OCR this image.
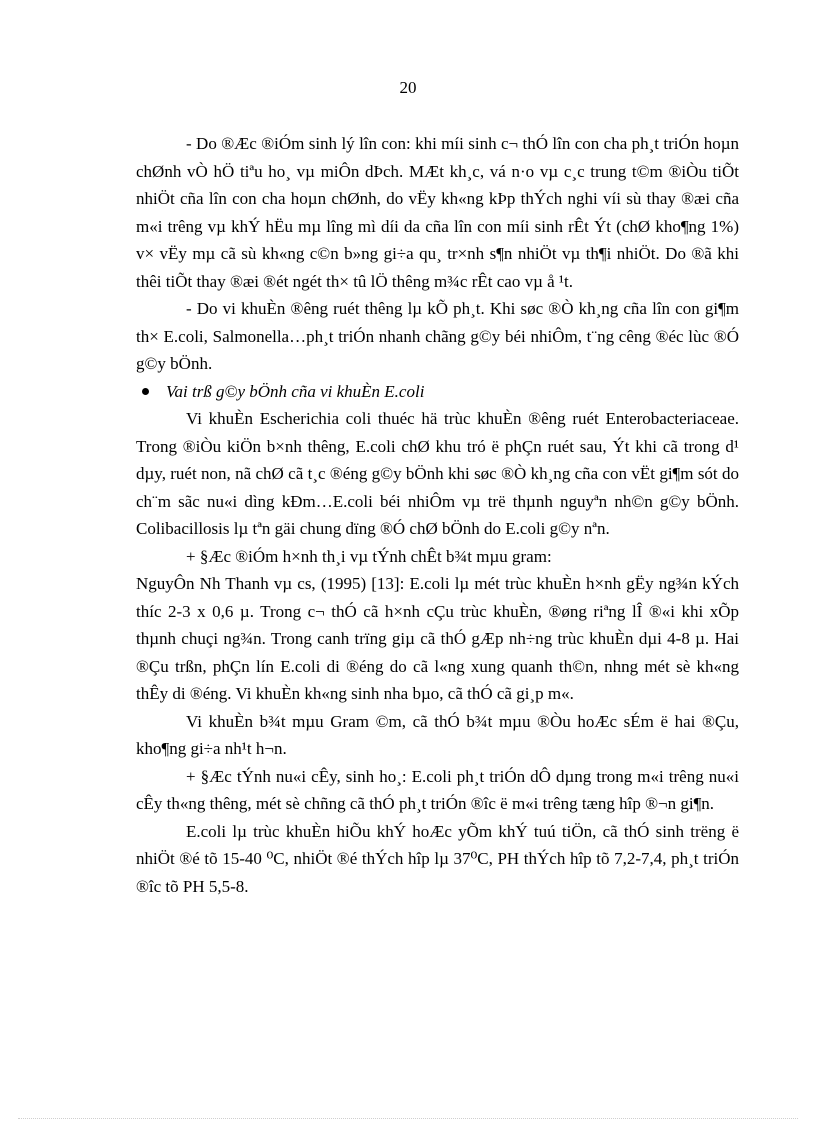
20

- Do ®Æc ®iÓm sinh lý lîn con: khi míi sinh c¬ thÓ lîn con cha ph¸t triÓn hoµn chØnh vÒ hÖ tiªu ho¸ vµ miÔn dÞch. MÆt kh¸c, vá n·o vµ c¸c trung t©m ®iÒu tiÕt nhiÖt cña lîn con cha hoµn chØnh, do vËy kh«ng kÞp thÝch nghi víi sù thay ®æi cña m«i trêng vµ khÝ hËu mµ lîng mì díi da cña lîn con míi sinh rÊt Ýt (chØ kho¶ng 1%) v× vËy mµ cã sù kh«ng c©n b»ng gi÷a qu¸ tr×nh s¶n nhiÖt vµ th¶i nhiÖt. Do ®ã khi thêi tiÕt thay ®æi ®ét ngét th× tû lÖ thêng m¾c rÊt cao vµ å ¹t.

- Do vi khuÈn ®êng ruét thêng lµ kÕ ph¸t. Khi søc ®Ò kh¸ng cña lîn con gi¶m th× E.coli, Salmonella…ph¸t triÓn nhanh chãng g©y béi nhiÔm, t¨ng cêng ®éc lùc ®Ó g©y bÖnh.

Vai trß g©y bÖnh cña vi khuÈn E.coli

Vi khuÈn Escherichia coli thuéc hä trùc khuÈn ®êng ruét Enterobacteriaceae. Trong ®iÒu kiÖn b×nh thêng, E.coli chØ khu tró ë phÇn ruét sau, Ýt khi cã trong d¹ dµy, ruét non, nã chØ cã t¸c ®éng g©y bÖnh khi søc ®Ò kh¸ng cña con vËt gi¶m sót do ch¨m sãc nu«i dìng kÐm…E.coli béi nhiÔm vµ trë thµnh nguyªn nh©n g©y bÖnh. Colibacillosis lµ tªn gäi chung dïng ®Ó chØ bÖnh do E.coli g©y nªn.

+ §Æc ®iÓm h×nh th¸i vµ tÝnh chÊt b¾t mµu gram:

NguyÔn Nh Thanh vµ cs, (1995) [13]: E.coli lµ mét trùc khuÈn h×nh gËy ng¾n kÝch thíc 2-3 x 0,6 µ. Trong c¬ thÓ cã h×nh cÇu trùc khuÈn, ®øng riªng lÎ ®«i khi xÕp thµnh chuçi ng¾n. Trong canh trïng giµ cã thÓ gÆp nh÷ng trùc khuÈn dµi 4-8 µ. Hai ®Çu trßn, phÇn lín E.coli di ®éng do cã l«ng xung quanh th©n, nhng mét sè kh«ng thÊy di ®éng. Vi khuÈn kh«ng sinh nha bµo, cã thÓ cã gi¸p m«.

Vi khuÈn b¾t mµu Gram ©m, cã thÓ b¾t mµu ®Òu hoÆc sÉm ë hai ®Çu, kho¶ng gi÷a nh¹t h¬n.

+ §Æc tÝnh nu«i cÊy, sinh ho¸: E.coli ph¸t triÓn dÔ dµng trong m«i trêng nu«i cÊy th«ng thêng, mét sè chñng cã thÓ ph¸t triÓn ®îc ë m«i trêng tæng hîp ®¬n gi¶n.

E.coli lµ trùc khuÈn hiÕu khÝ hoÆc yÕm khÝ tuú tiÖn, cã thÓ sinh trëng ë nhiÖt ®é tõ 15-40 ⁰C, nhiÖt ®é thÝch hîp lµ 37⁰C, PH thÝch hîp tõ 7,2-7,4, ph¸t triÓn ®îc tõ PH 5,5-8.
